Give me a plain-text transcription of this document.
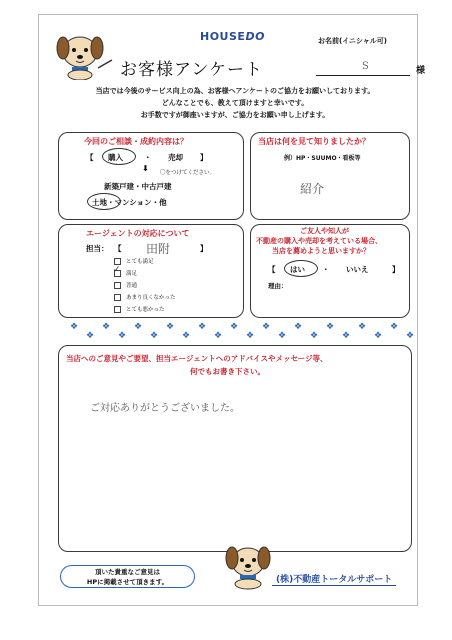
HOUSEDO	お名前(イニシャル可)
お客様アンケート	S	様
当店では今後のサービス向上の為、お客様へアンケートのご協力をお願いしております。
どんなことでも、教えて頂けますと幸いです。
お手数ですが御座いますが、ご協力をお願い申し上げます。
今回のご相談・成約内容は？
【 購入	・ 売却 】
⬇ 〇をつけてください。
新築戸建・中古戸建
土地・マンション・他
当店は何を見て知りましたか？
例）HP・SUUMO・看板等
紹介
エージェントの対応について
担当： 【 田附	】
とても満足
✓ 満足
普通
あまり良くなかった
とても悪かった
ご友人や知人が
不動産の購入や売却を考えている場合、
当店を薦めようと思いますか？
【 はい ・ いいえ	】
理由：
❖
❖
❖
❖
❖
❖
❖
❖
❖
❖
❖
❖
❖
❖
❖
❖
❖
❖
❖
❖
❖
❖
当店へのご意見やご要望、担当エージェントへのアドバイスやメッセージ等、
何でもお書き下さい。
ご対応ありがとうございました。
頂いた貴重なご意見は
HPに掲載させて頂きます。	(株)不動産トータルサポート
